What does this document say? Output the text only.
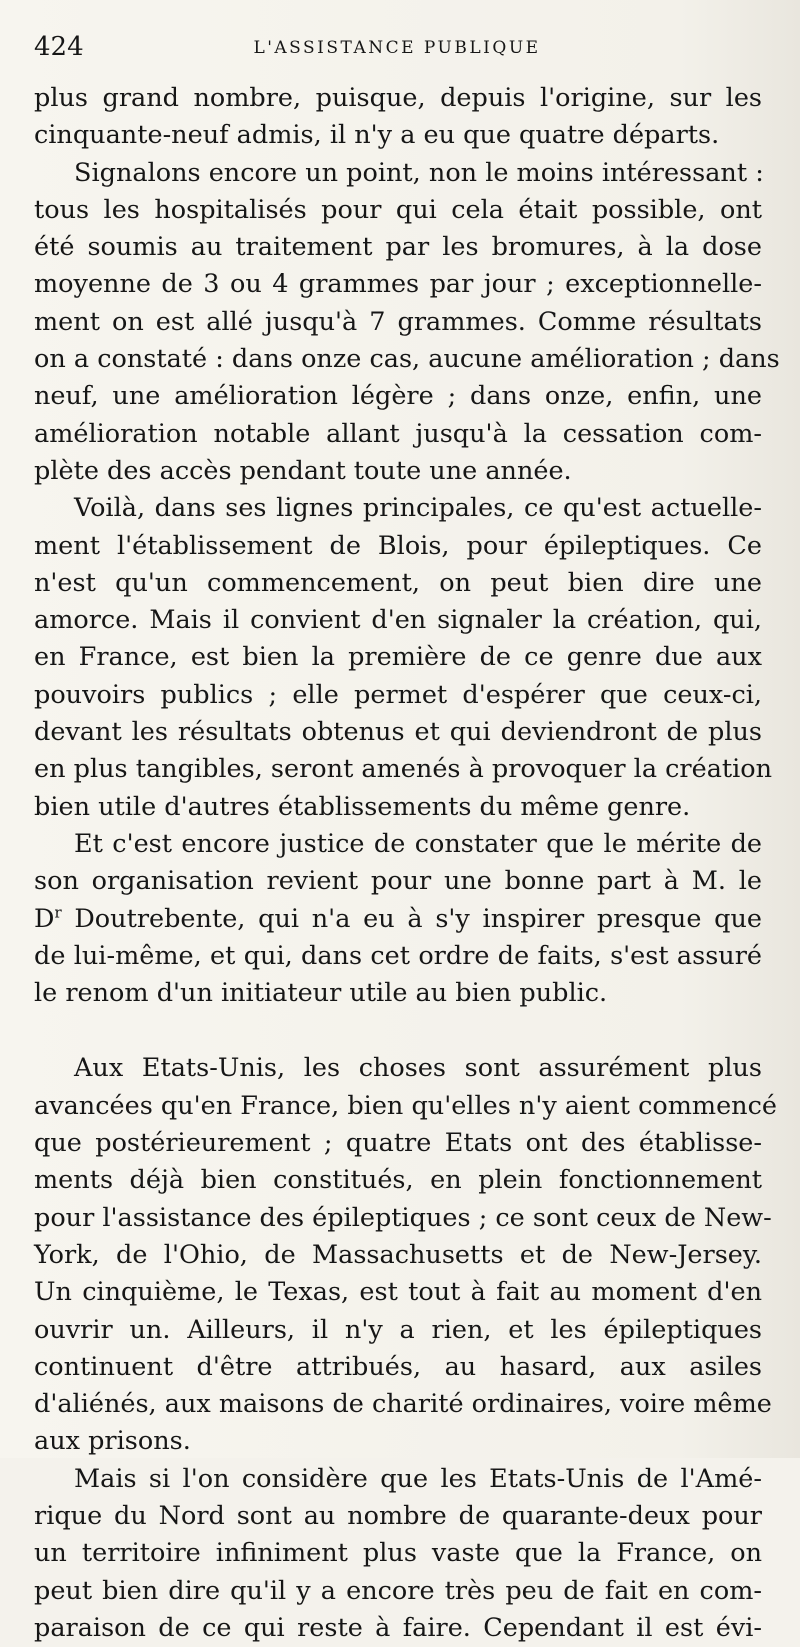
424	L'ASSISTANCE PUBLIQUE
plus grand nombre, puisque, depuis l'origine, sur les
cinquante-neuf admis, il n'y a eu que quatre départs.
Signalons encore un point, non le moins intéressant :
tous les hospitalisés pour qui cela était possible, ont
été soumis au traitement par les bromures, à la dose
moyenne de 3 ou 4 grammes par jour ; exceptionnelle-
ment on est allé jusqu'à 7 grammes. Comme résultats
on a constaté : dans onze cas, aucune amélioration ; dans
neuf, une amélioration légère ; dans onze, enfin, une
amélioration notable allant jusqu'à la cessation com-
plète des accès pendant toute une année.
Voilà, dans ses lignes principales, ce qu'est actuelle-
ment l'établissement de Blois, pour épileptiques. Ce
n'est qu'un commencement, on peut bien dire une
amorce. Mais il convient d'en signaler la création, qui,
en France, est bien la première de ce genre due aux
pouvoirs publics ; elle permet d'espérer que ceux-ci,
devant les résultats obtenus et qui deviendront de plus
en plus tangibles, seront amenés à provoquer la création
bien utile d'autres établissements du même genre.
Et c'est encore justice de constater que le mérite de
son organisation revient pour une bonne part à M. le
$D^r$ Doutrebente, qui n'a eu à s'y inspirer presque que
de lui-même, et qui, dans cet ordre de faits, s'est assuré
le renom d'un initiateur utile au bien public.
Aux Etats-Unis, les choses sont assurément plus
avancées qu'en France, bien qu'elles n'y aient commencé
que postérieurement ; quatre Etats ont des établisse-
ments déjà bien constitués, en plein fonctionnement
pour l'assistance des épileptiques ; ce sont ceux de New-
York, de l'Ohio, de Massachusetts et de New-Jersey.
Un cinquième, le Texas, est tout à fait au moment d'en
ouvrir un. Ailleurs, il n'y a rien, et les épileptiques
continuent d'être attribués, au hasard, aux asiles
d'aliénés, aux maisons de charité ordinaires, voire même
aux prisons.
Mais si l'on considère que les Etats-Unis de l'Amé-
rique du Nord sont au nombre de quarante-deux pour
un territoire infiniment plus vaste que la France, on
peut bien dire qu'il y a encore très peu de fait en com-
paraison de ce qui reste à faire. Cependant il est évi-
